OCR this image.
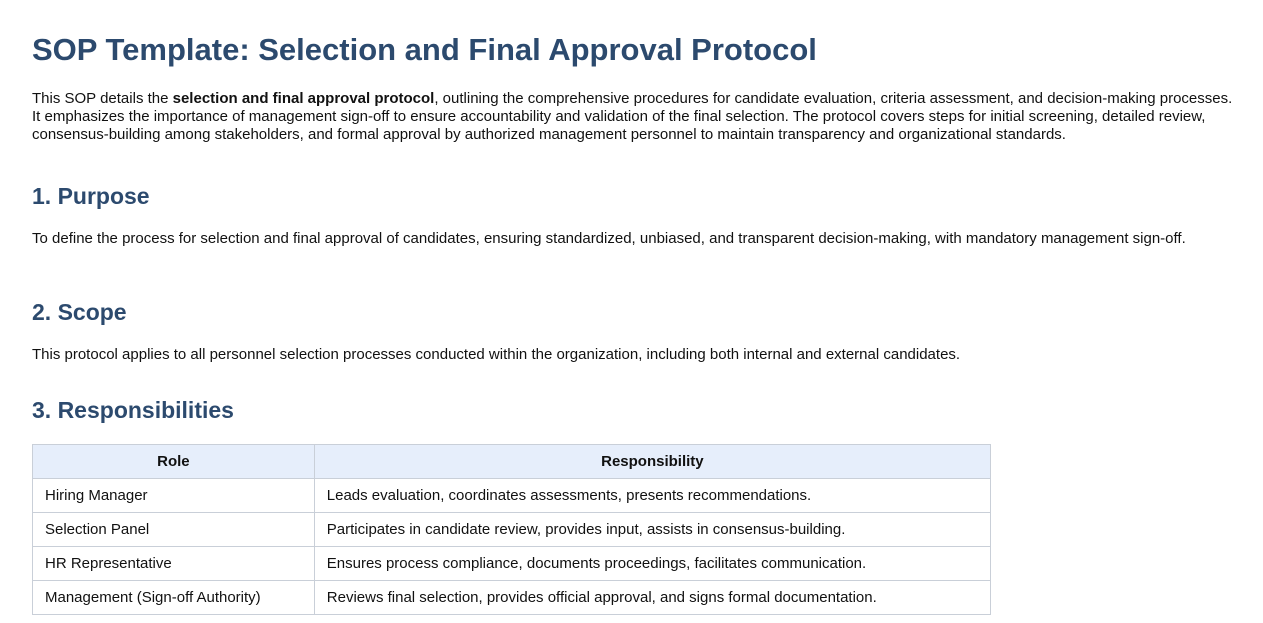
SOP Template: Selection and Final Approval Protocol

This SOP details the selection and final approval protocol, outlining the comprehensive procedures for candidate evaluation, criteria assessment, and decision-making processes. It emphasizes the importance of management sign-off to ensure accountability and validation of the final selection. The protocol covers steps for initial screening, detailed review, consensus-building among stakeholders, and formal approval by authorized management personnel to maintain transparency and organizational standards.

1. Purpose

To define the process for selection and final approval of candidates, ensuring standardized, unbiased, and transparent decision-making, with mandatory management sign-off.

2. Scope

This protocol applies to all personnel selection processes conducted within the organization, including both internal and external candidates.

3. Responsibilities
Role	Responsibility
Hiring Manager	Leads evaluation, coordinates assessments, presents recommendations.
Selection Panel	Participates in candidate review, provides input, assists in consensus-building.
HR Representative	Ensures process compliance, documents proceedings, facilitates communication.
Management (Sign-off Authority)	Reviews final selection, provides official approval, and signs formal documentation.
